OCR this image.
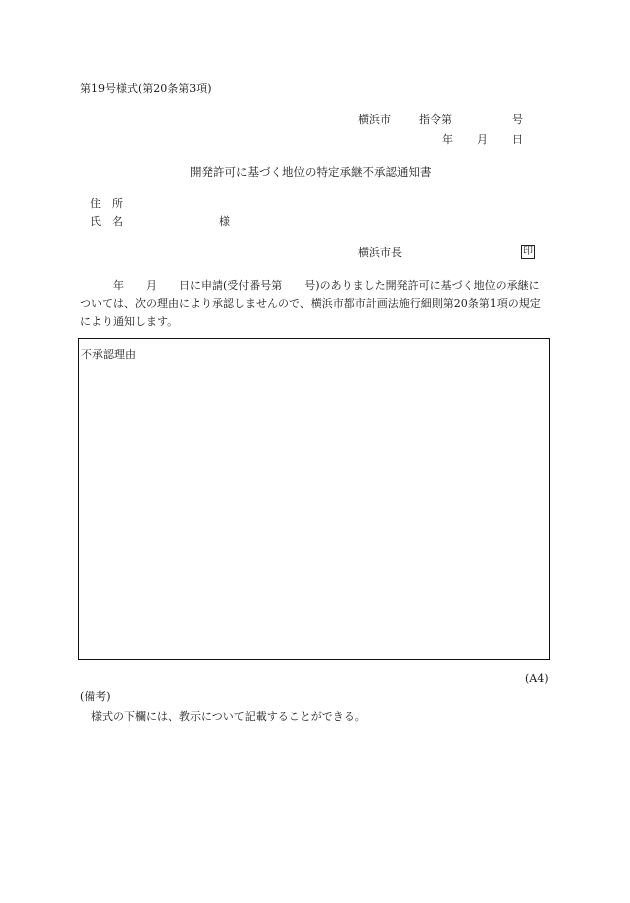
第19号様式(第20条第3項)
横浜市	指令第	号
年 月 日
開発許可に基づく地位の特定承継不承認通知書
住　所
氏　名	様
横浜市長	印
年　　月　　日に申請(受付番号第　　号)のありました開発許可に基づく地位の承継については、次の理由により承認しませんので、横浜市都市計画法施行細則第20条第1項の規定により通知します。
不承認理由
(A4)
(備考)
様式の下欄には、教示について記載することができる。
